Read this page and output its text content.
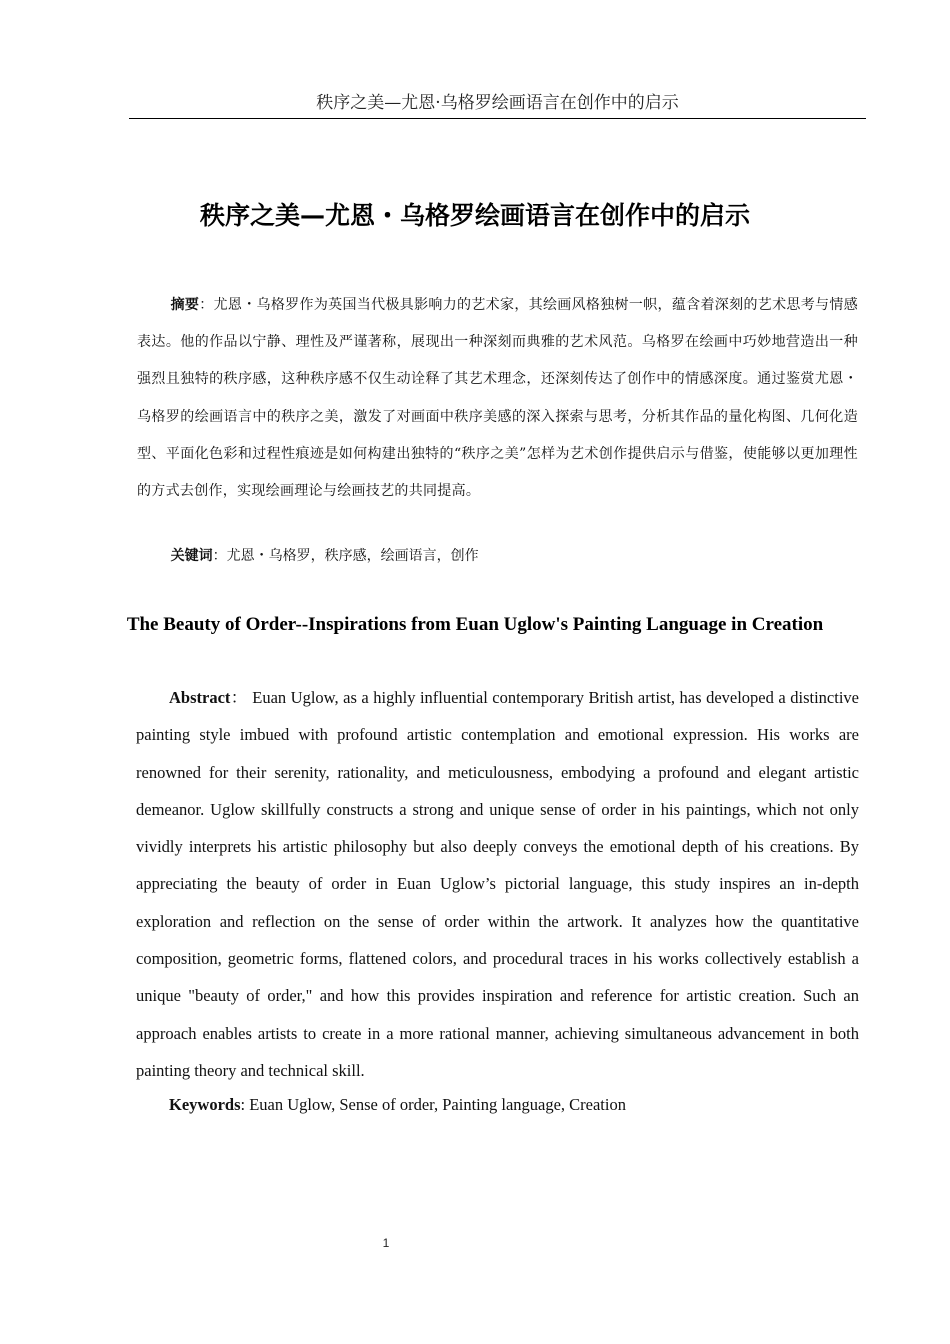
秩序之美—尤恩·乌格罗绘画语言在创作中的启示
秩序之美—尤恩・乌格罗绘画语言在创作中的启示

摘要：尤恩・乌格罗作为英国当代极具影响力的艺术家，其绘画风格独树一帜，蕴含着深刻的艺术思考与情感表达。他的作品以宁静、理性及严谨著称，展现出一种深刻而典雅的艺术风范。乌格罗在绘画中巧妙地营造出一种强烈且独特的秩序感，这种秩序感不仅生动诠释了其艺术理念，还深刻传达了创作中的情感深度。通过鉴赏尤恩・乌格罗的绘画语言中的秩序之美，激发了对画面中秩序美感的深入探索与思考，分析其作品的量化构图、几何化造型、平面化色彩和过程性痕迹是如何构建出独特的“秩序之美”怎样为艺术创作提供启示与借鉴，使能够以更加理性的方式去创作，实现绘画理论与绘画技艺的共同提高。

关键词：尤恩・乌格罗，秩序感，绘画语言，创作

The Beauty of Order--Inspirations from Euan Uglow's Painting Language in Creation

Abstract： Euan Uglow, as a highly influential contemporary British artist, has developed a distinctive painting style imbued with profound artistic contemplation and emotional expression. His works are renowned for their serenity, rationality, and meticulousness, embodying a profound and elegant artistic demeanor. Uglow skillfully constructs a strong and unique sense of order in his paintings, which not only vividly interprets his artistic philosophy but also deeply conveys the emotional depth of his creations. By appreciating the beauty of order in Euan Uglow’s pictorial language, this study inspires an in-depth exploration and reflection on the sense of order within the artwork. It analyzes how the quantitative composition, geometric forms, flattened colors, and procedural traces in his works collectively establish a unique "beauty of order," and how this provides inspiration and reference for artistic creation. Such an approach enables artists to create in a more rational manner, achieving simultaneous advancement in both painting theory and technical skill.

Keywords: Euan Uglow, Sense of order, Painting language, Creation

1
